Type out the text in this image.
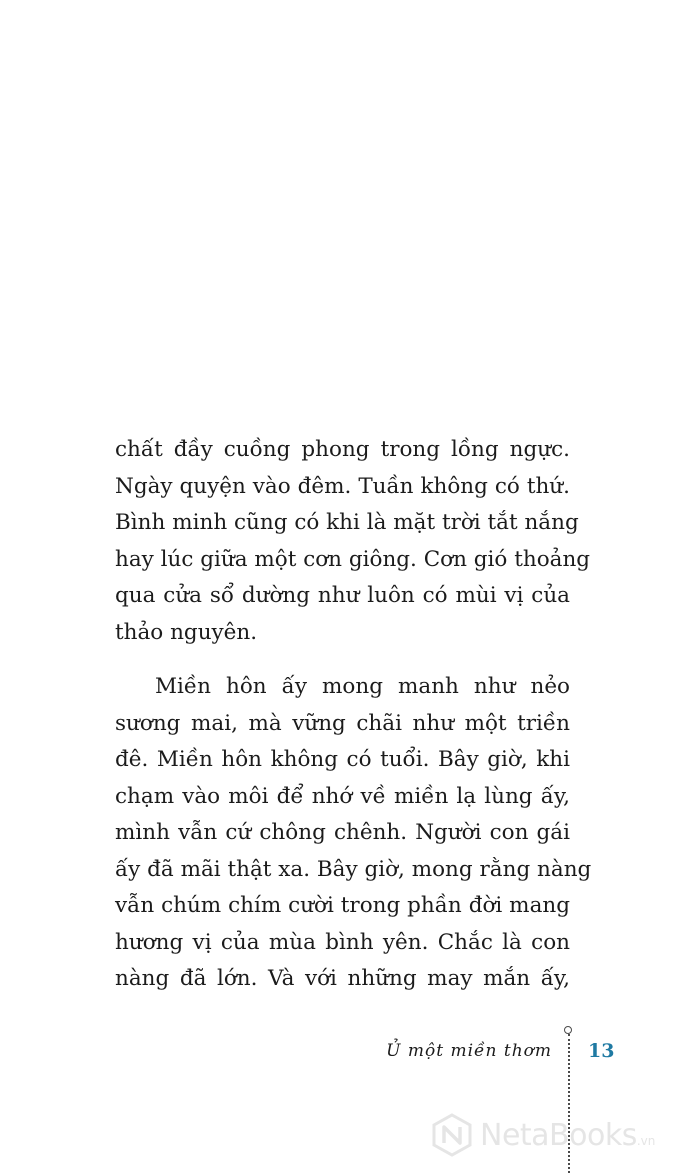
chất đầy cuồng phong trong lồng ngực.
Ngày quyện vào đêm. Tuần không có thứ.
Bình minh cũng có khi là mặt trời tắt nắng
hay lúc giữa một cơn giông. Cơn gió thoảng
qua cửa sổ dường như luôn có mùi vị của
thảo nguyên.

Miền hôn ấy mong manh như nẻo
sương mai, mà vững chãi như một triền
đê. Miền hôn không có tuổi. Bây giờ, khi
chạm vào môi để nhớ về miền lạ lùng ấy,
mình vẫn cứ chông chênh. Người con gái
ấy đã mãi thật xa. Bây giờ, mong rằng nàng
vẫn chúm chím cười trong phần đời mang
hương vị của mùa bình yên. Chắc là con
nàng đã lớn. Và với những may mắn ấy,

Ủ một miền thơm 13
NetaBooks .vn
